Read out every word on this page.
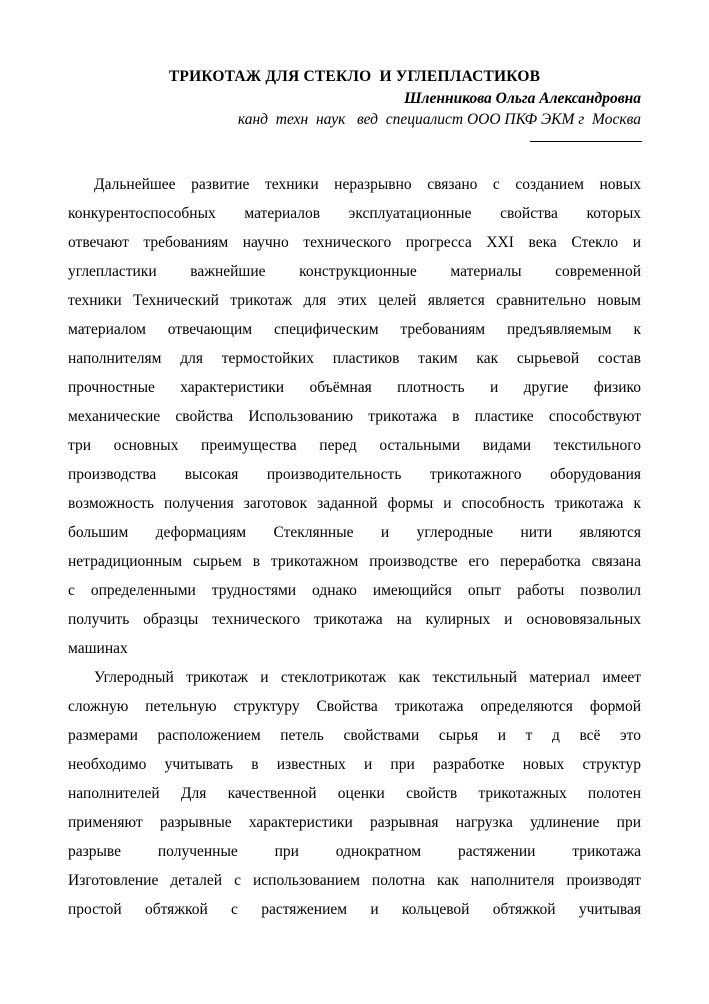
ТРИКОТАЖ ДЛЯ СТЕКЛО  И УГЛЕПЛАСТИКОВ
Шленникова Ольга Александровна
канд  техн  наук   вед  специалист ООО ПКФ ЭКМ г  Москва
Дальнейшее развитие техники неразрывно связано с созданием новых
конкурентоспособных материалов эксплуатационные свойства которых
отвечают требованиям научно технического прогресса XXI века Стекло и
углепластики важнейшие конструкционные материалы современной
техники Технический трикотаж для этих целей является сравнительно новым
материалом отвечающим специфическим требованиям предъявляемым к
наполнителям для термостойких пластиков таким как сырьевой состав
прочностные характеристики объёмная плотность и другие физико
механические свойства Использованию трикотажа в пластике способствуют
три основных преимущества перед остальными видами текстильного
производства высокая производительность трикотажного оборудования
возможность получения заготовок заданной формы и способность трикотажа к
большим деформациям Стеклянные и углеродные нити являются
нетрадиционным сырьем в трикотажном производстве его переработка связана
с определенными трудностями однако имеющийся опыт работы позволил
получить образцы технического трикотажа на кулирных и основовязальных
машинах
Углеродный трикотаж и стеклотрикотаж как текстильный материал имеет
сложную петельную структуру Свойства трикотажа определяются формой
размерами расположением петель свойствами сырья и т д всё это
необходимо учитывать в известных и при разработке новых структур
наполнителей Для качественной оценки свойств трикотажных полотен
применяют разрывные характеристики разрывная нагрузка удлинение при
разрыве полученные при однократном растяжении трикотажа
Изготовление деталей с использованием полотна как наполнителя производят
простой обтяжкой с растяжением и кольцевой обтяжкой учитывая
